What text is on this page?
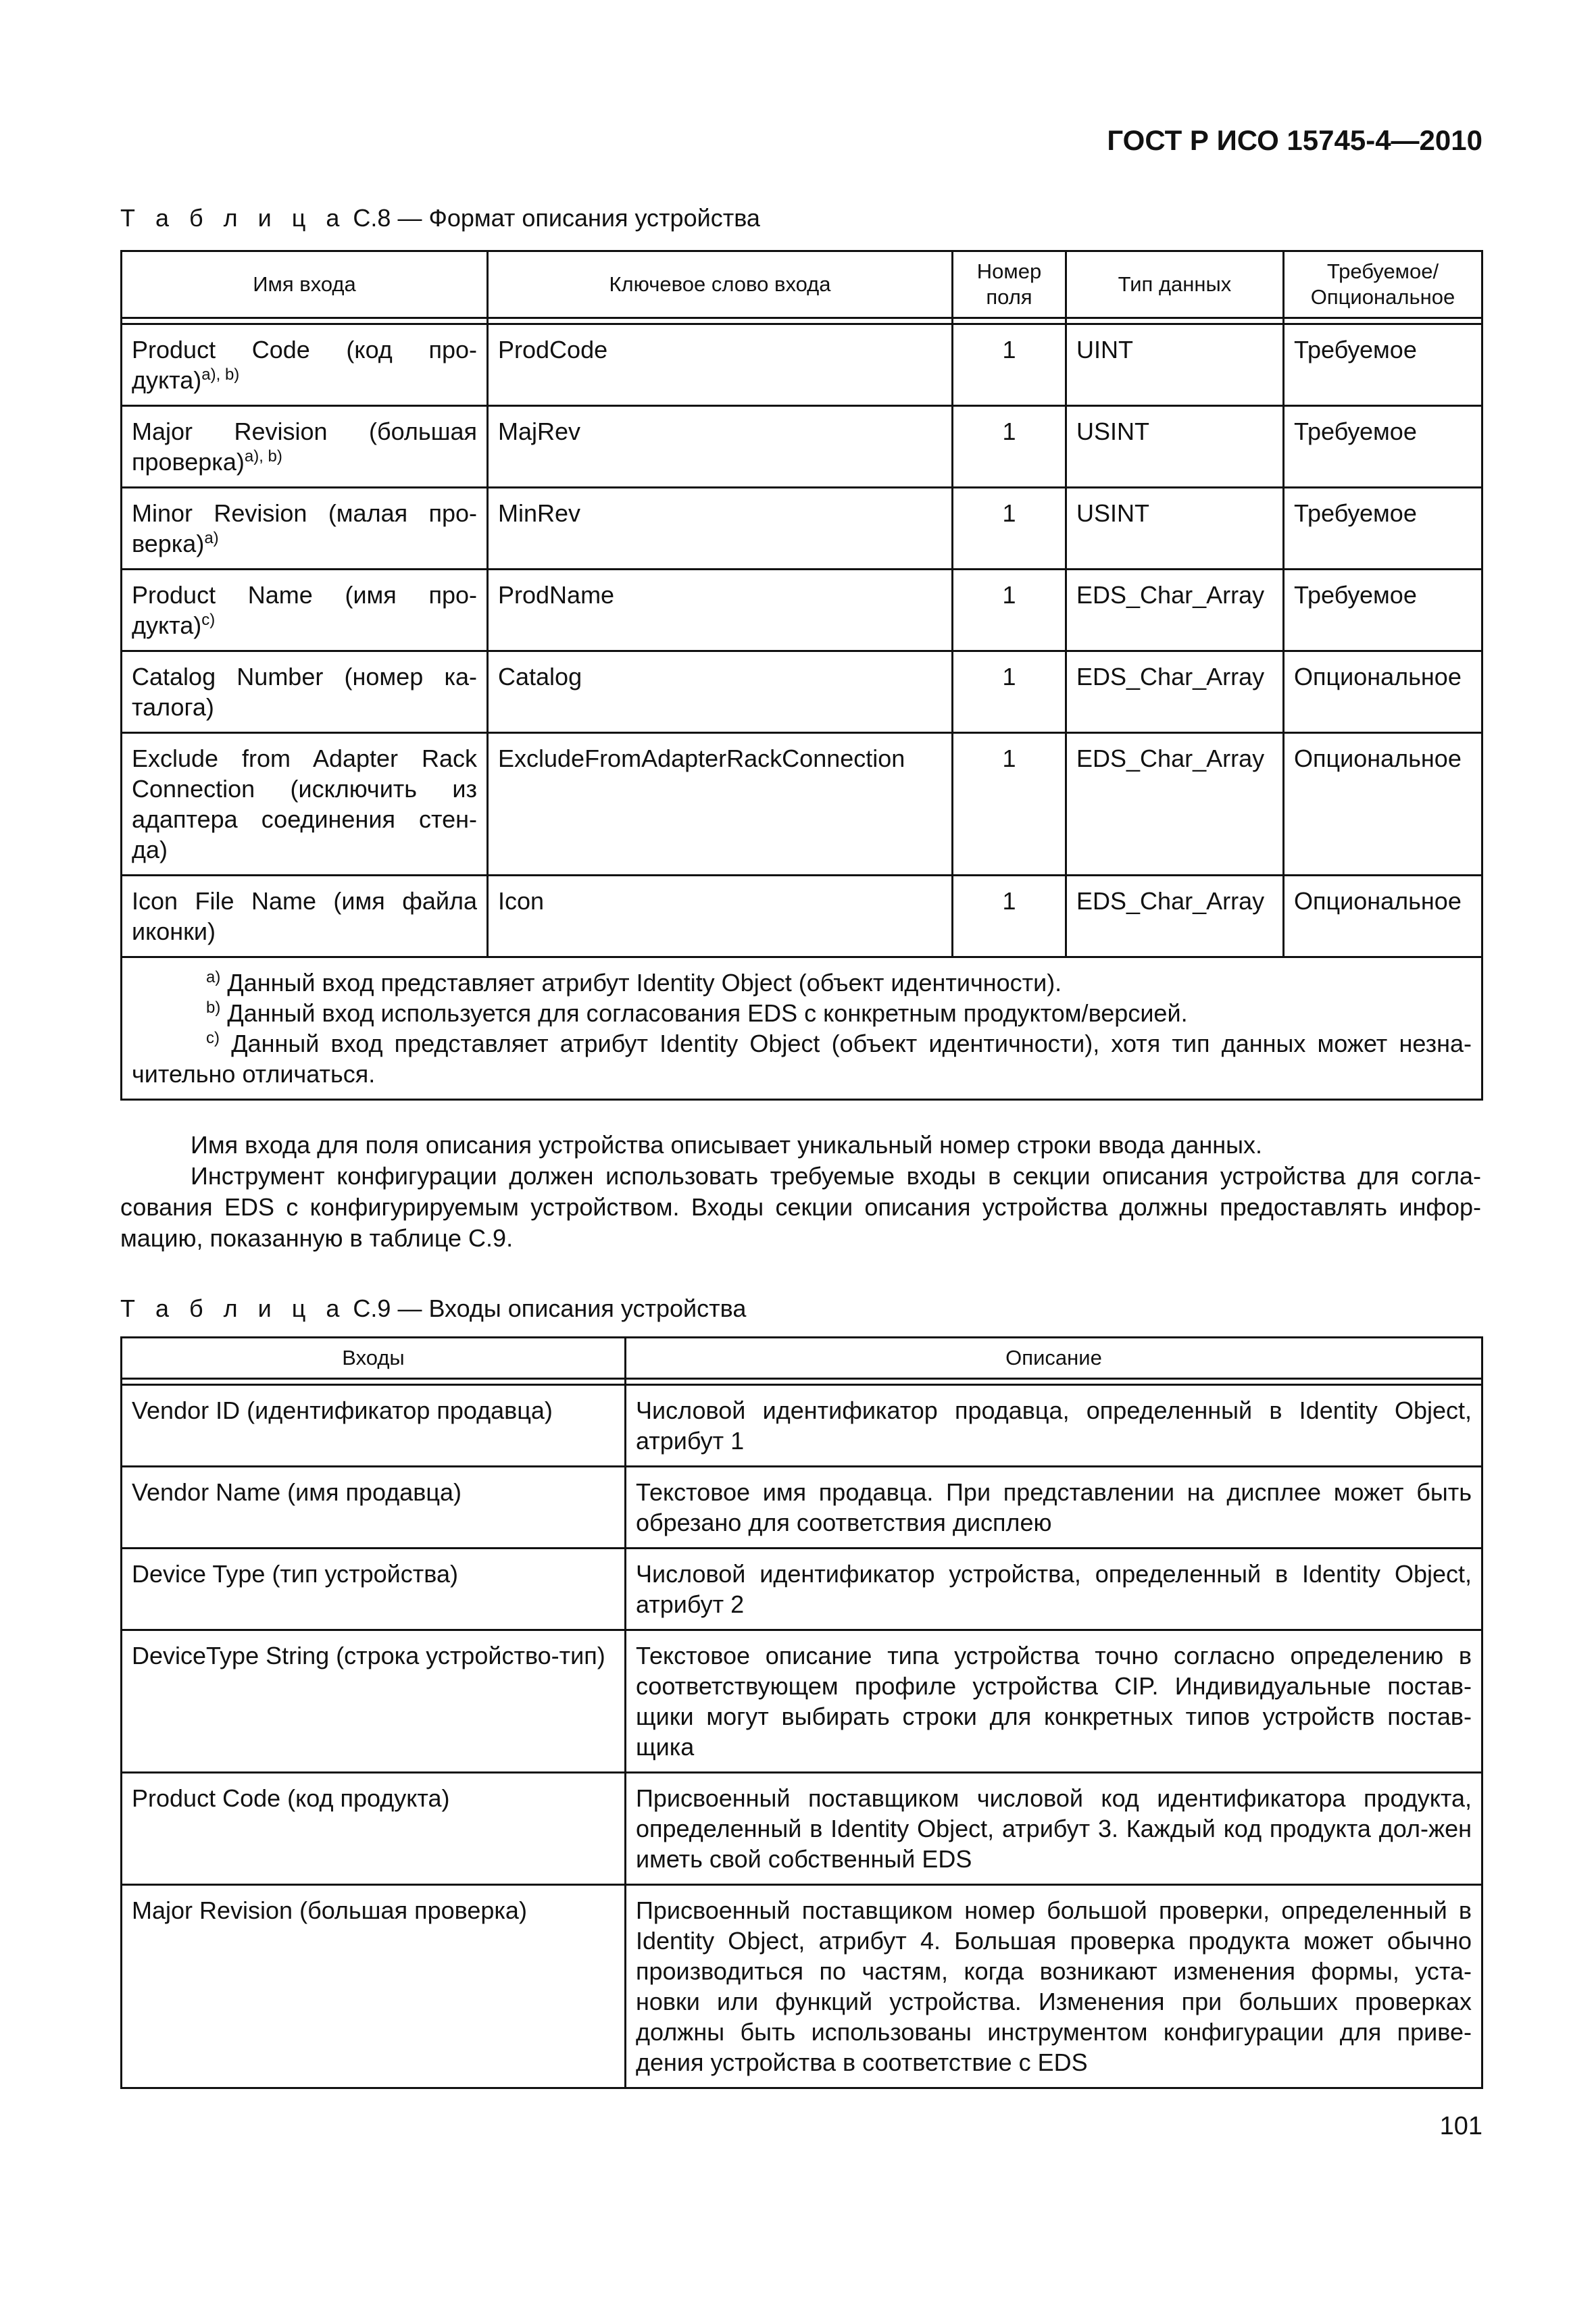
ГОСТ Р ИСО 15745-4—2010
Т а б л и ц а C.8 — Формат описания устройства
Имя входа	Ключевое слово входа	Номер поля	Тип данных	Требуемое/ Опциональное

Product Code (код про-дукта)$^{a), b)}$	ProdCode	1	UINT	Требуемое
Major Revision (большая проверка)$^{a), b)}$	MajRev	1	USINT	Требуемое
Minor Revision (малая про-верка)$^{a)}$	MinRev	1	USINT	Требуемое
Product Name (имя про-дукта)$^{c)}$	ProdName	1	EDS_Char_Array	Требуемое
Catalog Number (номер ка-талога)	Catalog	1	EDS_Char_Array	Опциональное
Exclude from Adapter Rack Connection (исключить из адаптера соединения стен-да)	ExcludeFromAdapterRackConnection	1	EDS_Char_Array	Опциональное
Icon File Name (имя файла иконки)	Icon	1	EDS_Char_Array	Опциональное

$^{a)}$ Данный вход представляет атрибут Identity Object (объект идентичности).
$^{b)}$ Данный вход используется для согласования EDS с конкретным продуктом/версией.
$^{c)}$ Данный вход представляет атрибут Identity Object (объект идентичности), хотя тип данных может незна-чительно отличаться.				

Имя входа для поля описания устройства описывает уникальный номер строки ввода данных.

Инструмент конфигурации должен использовать требуемые входы в секции описания устройства для согла-сования EDS с конфигурируемым устройством. Входы секции описания устройства должны предоставлять инфор-мацию, показанную в таблице С.9.

Т а б л и ц а C.9 — Входы описания устройства
Входы	Описание

Vendor ID (идентификатор продавца)	Числовой идентификатор продавца, определенный в Identity Object, атрибут 1
Vendor Name (имя продавца)	Текстовое имя продавца. При представлении на дисплее может быть обрезано для соответствия дисплею
Device Type (тип устройства)	Числовой идентификатор устройства, определенный в Identity Object, атрибут 2
DeviceType String (строка устройство-тип)	Текстовое описание типа устройства точно согласно определению в соответствующем профиле устройства CIP. Индивидуальные постав-щики могут выбирать строки для конкретных типов устройств постав-щика
Product Code (код продукта)	Присвоенный поставщиком числовой код идентификатора продукта, определенный в Identity Object, атрибут 3. Каждый код продукта дол-жен иметь свой собственный EDS
Major Revision (большая проверка)	Присвоенный поставщиком номер большой проверки, определенный в Identity Object, атрибут 4. Большая проверка продукта может обычно производиться по частям, когда возникают изменения формы, уста-новки или функций устройства. Изменения при больших проверках должны быть использованы инструментом конфигурации для приве-дения устройства в соответствие с EDS
101
